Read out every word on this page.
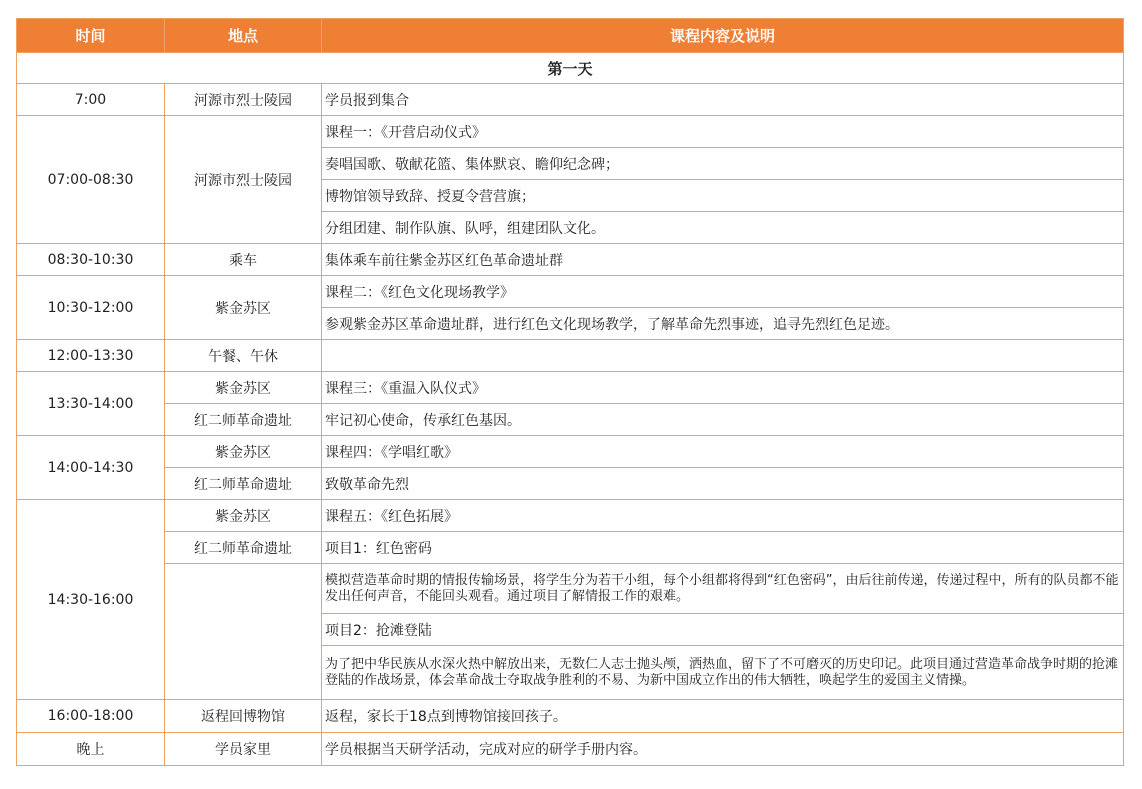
时间	地点	课程内容及说明
第一天		
7:00	河源市烈士陵园	学员报到集合
07:00-08:30	河源市烈士陵园	课程一：《开营启动仪式》
		奏唱国歌、敬献花篮、集体默哀、瞻仰纪念碑；
		博物馆领导致辞、授夏令营营旗；
		分组团建、制作队旗、队呼，组建团队文化。
08:30-10:30	乘车	集体乘车前往紫金苏区红色革命遗址群
10:30-12:00	紫金苏区	课程二：《红色文化现场教学》
		参观紫金苏区革命遗址群，进行红色文化现场教学，了解革命先烈事迹，追寻先烈红色足迹。
12:00-13:30	午餐、午休	
13:30-14:00	紫金苏区	课程三：《重温入队仪式》
	红二师革命遗址	牢记初心使命，传承红色基因。
14:00-14:30	紫金苏区	课程四：《学唱红歌》
	红二师革命遗址	致敬革命先烈
14:30-16:00	紫金苏区	课程五：《红色拓展》
	红二师革命遗址	项目1：红色密码
		模拟营造革命时期的情报传输场景，将学生分为若干小组，每个小组都将得到“红色密码”，由后往前传递，传递过程中，所有的队员都不能发出任何声音，不能回头观看。通过项目了解情报工作的艰难。
		项目2：抢滩登陆
		为了把中华民族从水深火热中解放出来，无数仁人志士抛头颅，洒热血，留下了不可磨灭的历史印记。此项目通过营造革命战争时期的抢滩登陆的作战场景，体会革命战士夺取战争胜利的不易、为新中国成立作出的伟大牺牲，唤起学生的爱国主义情操。
16:00-18:00	返程回博物馆	返程，家长于18点到博物馆接回孩子。
晚上	学员家里	学员根据当天研学活动，完成对应的研学手册内容。
